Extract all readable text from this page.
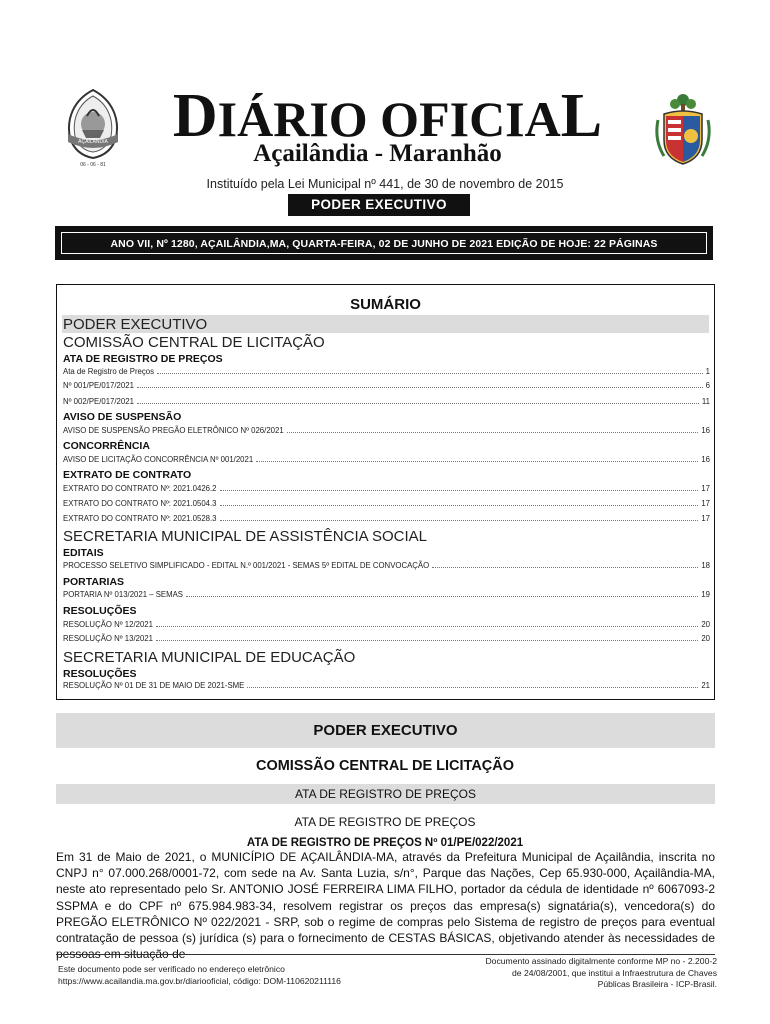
AÇAILÂNDIA
06 - 06 - 81
DIÁRIO OFICIAL
Açailândia - Maranhão
Instituído pela Lei Municipal nº 441, de 30 de novembro de 2015
PODER EXECUTIVO
ANO VII, Nº 1280, AÇAILÂNDIA,MA, QUARTA-FEIRA, 02 DE JUNHO DE 2021 EDIÇÃO DE HOJE: 22 PÁGINAS
SUMÁRIO
PODER EXECUTIVO
COMISSÃO CENTRAL DE LICITAÇÃO
ATA DE REGISTRO DE PREÇOS
Ata de Registro de Preços	1
Nº 001/PE/017/2021	6
Nº 002/PE/017/2021	11
AVISO DE SUSPENSÃO
AVISO DE SUSPENSÃO PREGÃO ELETRÔNICO Nº 026/2021	16
CONCORRÊNCIA
AVISO DE LICITAÇÃO CONCORRÊNCIA Nº 001/2021	16
EXTRATO DE CONTRATO
EXTRATO DO CONTRATO Nº: 2021.0426.2	17
EXTRATO DO CONTRATO Nº: 2021.0504.3	17
EXTRATO DO CONTRATO Nº: 2021.0528.3	17
SECRETARIA MUNICIPAL DE ASSISTÊNCIA SOCIAL
EDITAIS
PROCESSO SELETIVO SIMPLIFICADO - EDITAL N.º 001/2021 - SEMAS 5º EDITAL DE CONVOCAÇÃO	18
PORTARIAS
PORTARIA Nº 013/2021 – SEMAS	19
RESOLUÇÕES
RESOLUÇÃO Nº 12/2021	20
RESOLUÇÃO Nº 13/2021	20
SECRETARIA MUNICIPAL DE EDUCAÇÃO
RESOLUÇÕES
RESOLUÇÃO Nº 01 DE 31 DE MAIO DE 2021-SME	21
PODER EXECUTIVO
COMISSÃO CENTRAL DE LICITAÇÃO
ATA DE REGISTRO DE PREÇOS
ATA DE REGISTRO DE PREÇOS
ATA DE REGISTRO DE PREÇOS Nº 01/PE/022/2021
Em 31 de Maio de 2021, o MUNICÍPIO DE AÇAILÂNDIA-MA, através da Prefeitura Municipal de Açailândia, inscrita no CNPJ n° 07.000.268/0001-72, com sede na Av. Santa Luzia, s/n°, Parque das Nações, Cep 65.930-000, Açailândia-MA, neste ato representado pelo Sr. ANTONIO JOSÉ FERREIRA LIMA FILHO, portador da cédula de identidade nº 6067093-2 SSPMA e do CPF nº 675.984.983-34, resolvem registrar os preços das empresa(s) signatária(s), vencedora(s) do PREGÃO ELETRÔNICO Nº 022/2021 - SRP, sob o regime de compras pelo Sistema de registro de preços para eventual contratação de pessoa (s) jurídica (s) para o fornecimento de CESTAS BÁSICAS, objetivando atender às necessidades de pessoas em situação de
Este documento pode ser verificado no endereço eletrônico
https://www.acailandia.ma.gov.br/diariooficial, código: DOM-110620211116
Documento assinado digitalmente conforme MP no - 2.200-2
de 24/08/2001, que institui a Infraestrutura de Chaves
Públicas Brasileira - ICP-Brasil.
